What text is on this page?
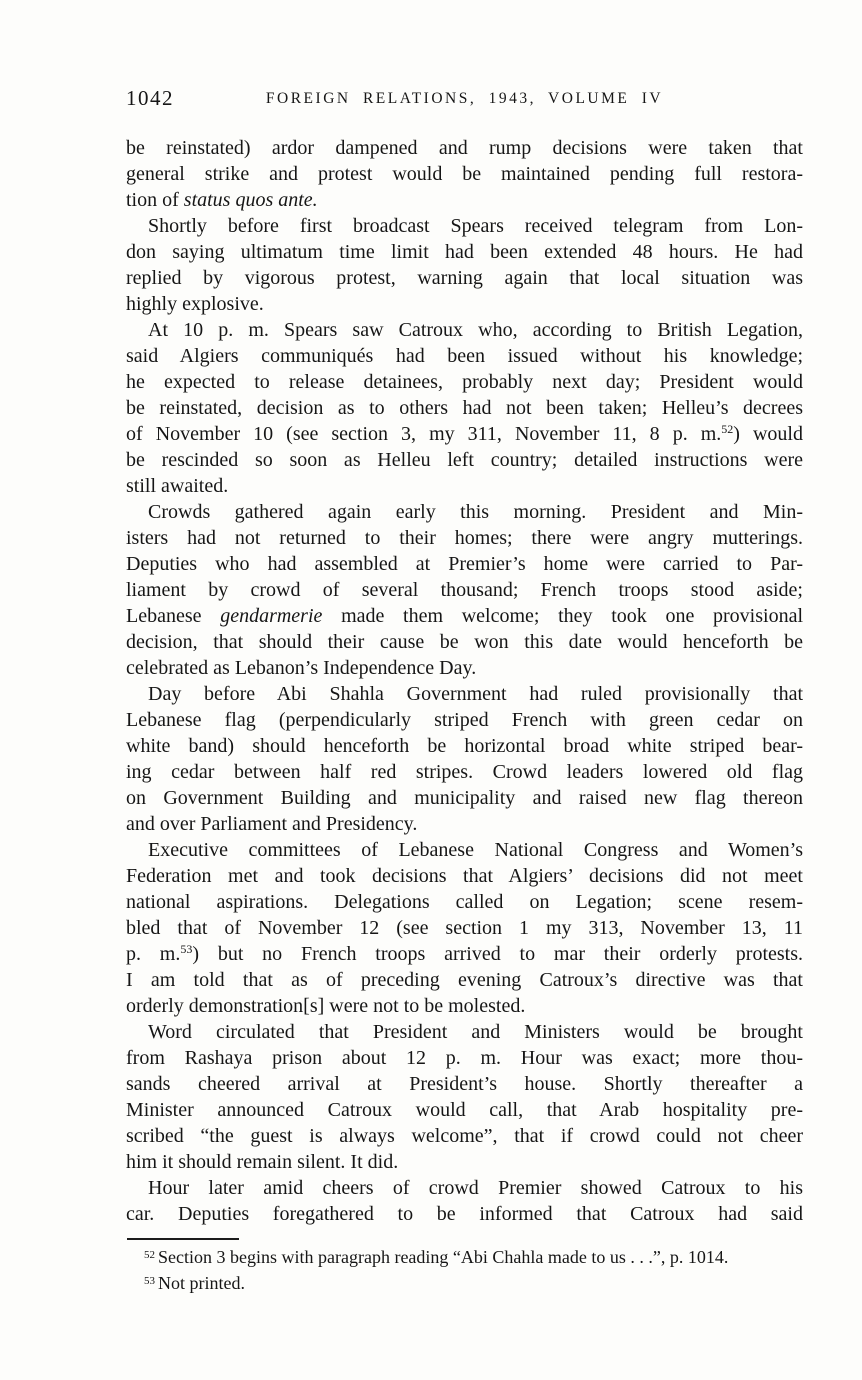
1042	FOREIGN RELATIONS, 1943, VOLUME IV
be reinstated) ardor dampened and rump decisions were taken that
general strike and protest would be maintained pending full restora-
tion of status quos ante.
Shortly before first broadcast Spears received telegram from Lon-
don saying ultimatum time limit had been extended 48 hours. He had
replied by vigorous protest, warning again that local situation was
highly explosive.
At 10 p. m. Spears saw Catroux who, according to British Legation,
said Algiers communiqués had been issued without his knowledge;
he expected to release detainees, probably next day; President would
be reinstated, decision as to others had not been taken; Helleu’s decrees
of November 10 (see section 3, my 311, November 11, 8 p. m.$^{52}$) would
be rescinded so soon as Helleu left country; detailed instructions were
still awaited.
Crowds gathered again early this morning. President and Min-
isters had not returned to their homes; there were angry mutterings.
Deputies who had assembled at Premier’s home were carried to Par-
liament by crowd of several thousand; French troops stood aside;
Lebanese gendarmerie made them welcome; they took one provisional
decision, that should their cause be won this date would henceforth be
celebrated as Lebanon’s Independence Day.
Day before Abi Shahla Government had ruled provisionally that
Lebanese flag (perpendicularly striped French with green cedar on
white band) should henceforth be horizontal broad white striped bear-
ing cedar between half red stripes. Crowd leaders lowered old flag
on Government Building and municipality and raised new flag thereon
and over Parliament and Presidency.
Executive committees of Lebanese National Congress and Women’s
Federation met and took decisions that Algiers’ decisions did not meet
national aspirations. Delegations called on Legation; scene resem-
bled that of November 12 (see section 1 my 313, November 13, 11
p. m.$^{53}$) but no French troops arrived to mar their orderly protests.
I am told that as of preceding evening Catroux’s directive was that
orderly demonstration[s] were not to be molested.
Word circulated that President and Ministers would be brought
from Rashaya prison about 12 p. m. Hour was exact; more thou-
sands cheered arrival at President’s house. Shortly thereafter a
Minister announced Catroux would call, that Arab hospitality pre-
scribed “the guest is always welcome”, that if crowd could not cheer
him it should remain silent. It did.
Hour later amid cheers of crowd Premier showed Catroux to his
car. Deputies foregathered to be informed that Catroux had said
$^{52}$ Section 3 begins with paragraph reading “Abi Chahla made to us . . .”, p. 1014.
$^{53}$ Not printed.
